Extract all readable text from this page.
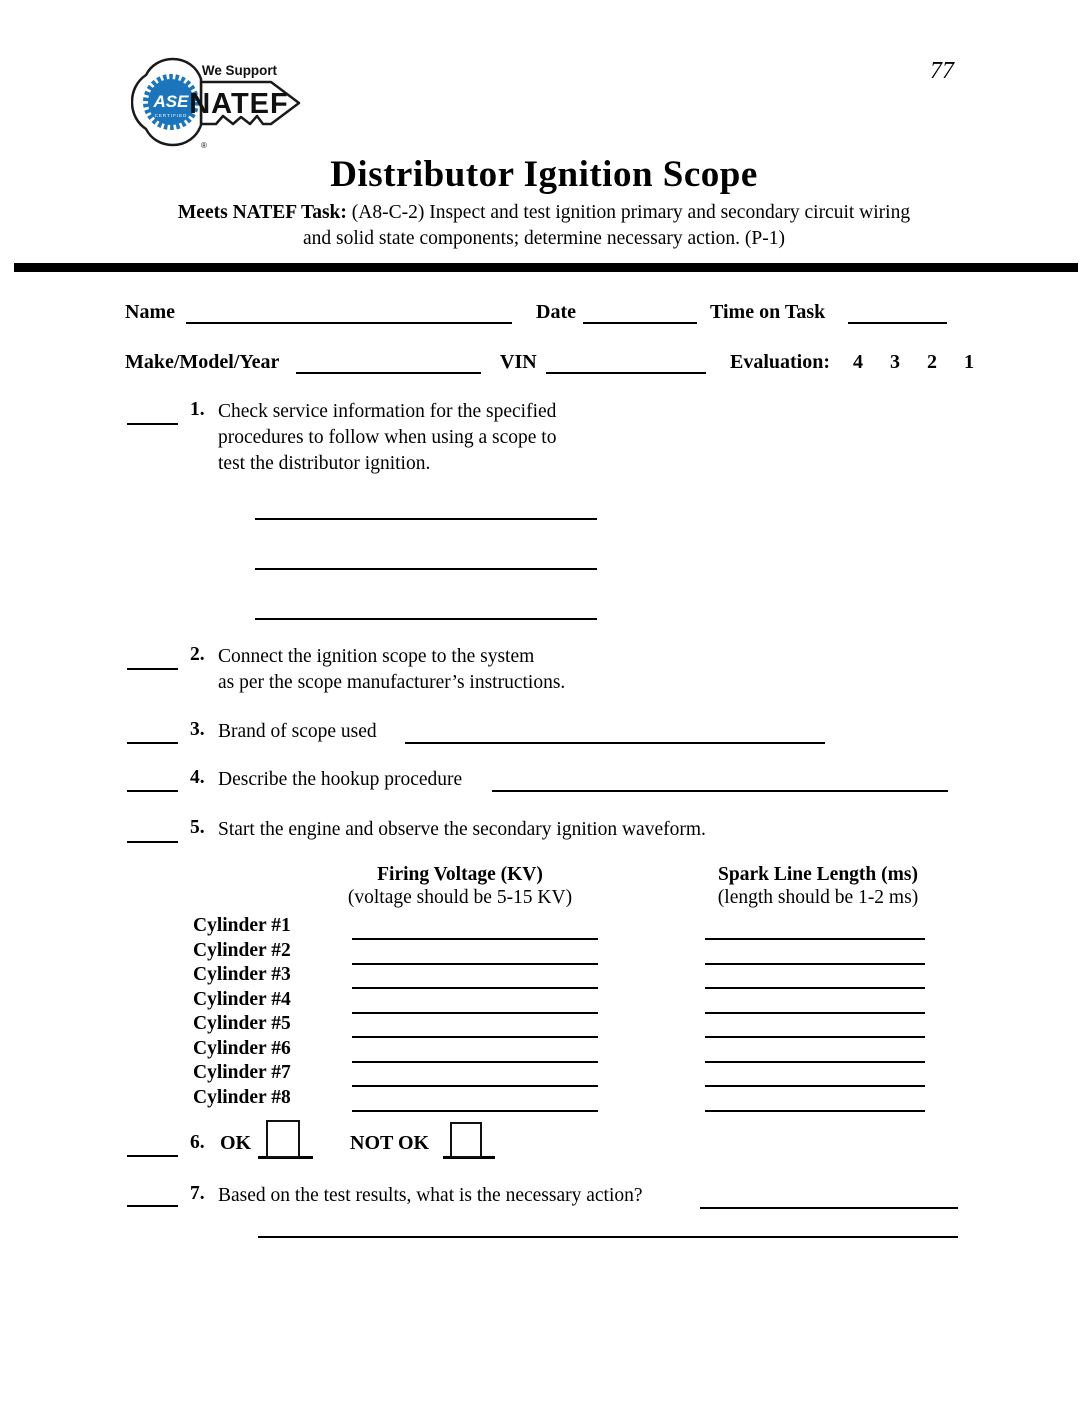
77
ASE
CERTIFIED
We Support
NATEF
®
Distributor Ignition Scope
Meets NATEF Task: (A8-C-2) Inspect and test ignition primary and secondary circuit wiring
and solid state components; determine necessary action. (P-1)
Name	Date	Time on Task
Make/Model/Year	VIN	Evaluation: 4 3 2 1
1. Check service information for the specified
procedures to follow when using a scope to
test the distributor ignition.
2. Connect the ignition scope to the system
as per the scope manufacturer’s instructions.
3. Brand of scope used
4. Describe the hookup procedure
5. Start the engine and observe the secondary ignition waveform.
Firing Voltage (KV)
(voltage should be 5-15 KV)
Spark Line Length (ms)
(length should be 1-2 ms)
Cylinder #1
Cylinder #2
Cylinder #3
Cylinder #4
Cylinder #5
Cylinder #6
Cylinder #7
Cylinder #8
6. OK	NOT OK
7. Based on the test results, what is the necessary action?
